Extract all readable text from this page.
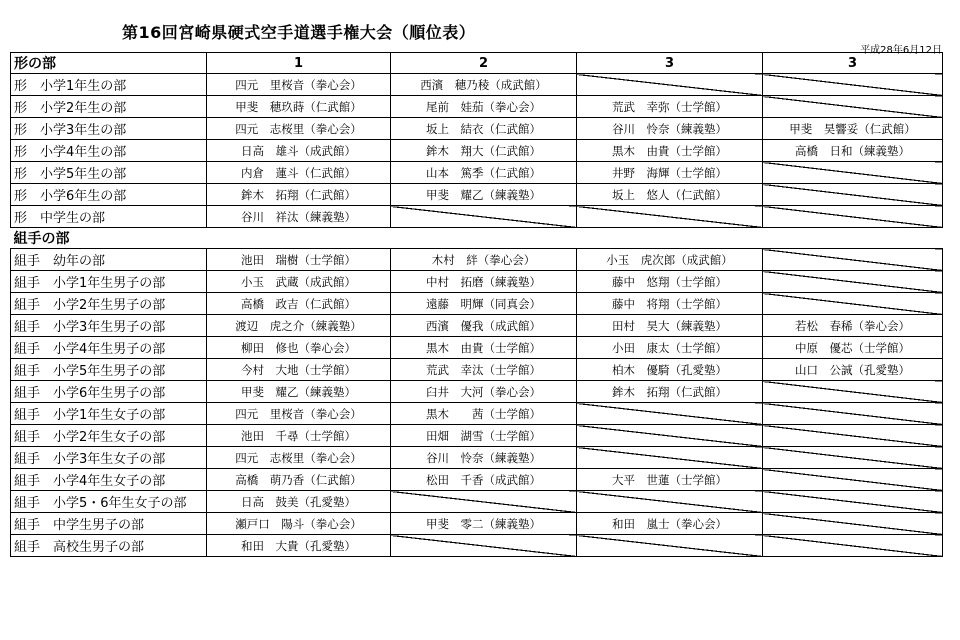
第16回宮崎県硬式空手道選手権大会（順位表）
平成28年6月12日
形の部	1	2	3	3
形　小学1年生の部	四元　里桜音（拳心会）	西濱　穂乃稜（成武館）		
形　小学2年生の部	甲斐　穂玖蒔（仁武館）	尾前　娃茄（拳心会）	荒武　幸弥（士学館）	
形　小学3年生の部	四元　志桜里（拳心会）	坂上　結衣（仁武館）	谷川　怜奈（練義塾）	甲斐　昊響妥（仁武館）
形　小学4年生の部	日高　雄斗（成武館）	鉾木　翔大（仁武館）	黒木　由貴（士学館）	高橋　日和（練義塾）
形　小学5年生の部	内倉　蓮斗（仁武館）	山本　篤季（仁武館）	井野　海輝（士学館）	
形　小学6年生の部	鉾木　拓翔（仁武館）	甲斐　耀乙（練義塾）	坂上　悠人（仁武館）	
形　中学生の部	谷川　祥汰（練義塾）			
組手の部				
組手　幼年の部	池田　瑞樹（士学館）	木村　絆（拳心会）	小玉　虎次郎（成武館）	
組手　小学1年生男子の部	小玉　武蔵（成武館）	中村　拓磨（練義塾）	藤中　悠翔（士学館）	
組手　小学2年生男子の部	高橋　政吉（仁武館）	遠藤　明輝（同真会）	藤中　将翔（士学館）	
組手　小学3年生男子の部	渡辺　虎之介（練義塾）	西濱　優我（成武館）	田村　昊大（練義塾）	若松　春稀（拳心会）
組手　小学4年生男子の部	柳田　修也（拳心会）	黒木　由貴（士学館）	小田　康太（士学館）	中原　優芯（士学館）
組手　小学5年生男子の部	今村　大地（士学館）	荒武　幸汰（士学館）	柏木　優騎（孔愛塾）	山口　公誠（孔愛塾）
組手　小学6年生男子の部	甲斐　耀乙（練義塾）	臼井　大河（拳心会）	鉾木　拓翔（仁武館）	
組手　小学1年生女子の部	四元　里桜音（拳心会）	黒木　　茜（士学館）		
組手　小学2年生女子の部	池田　千尋（士学館）	田畑　湖雪（士学館）		
組手　小学3年生女子の部	四元　志桜里（拳心会）	谷川　怜奈（練義塾）		
組手　小学4年生女子の部	高橋　萌乃香（仁武館）	松田　千香（成武館）	大平　世蓮（士学館）	
組手　小学5・6年生女子の部	日高　鼓美（孔愛塾）			
組手　中学生男子の部	瀬戸口　陽斗（拳心会）	甲斐　零二（練義塾）	和田　嵐士（拳心会）	
組手　高校生男子の部	和田　大貴（孔愛塾）			
